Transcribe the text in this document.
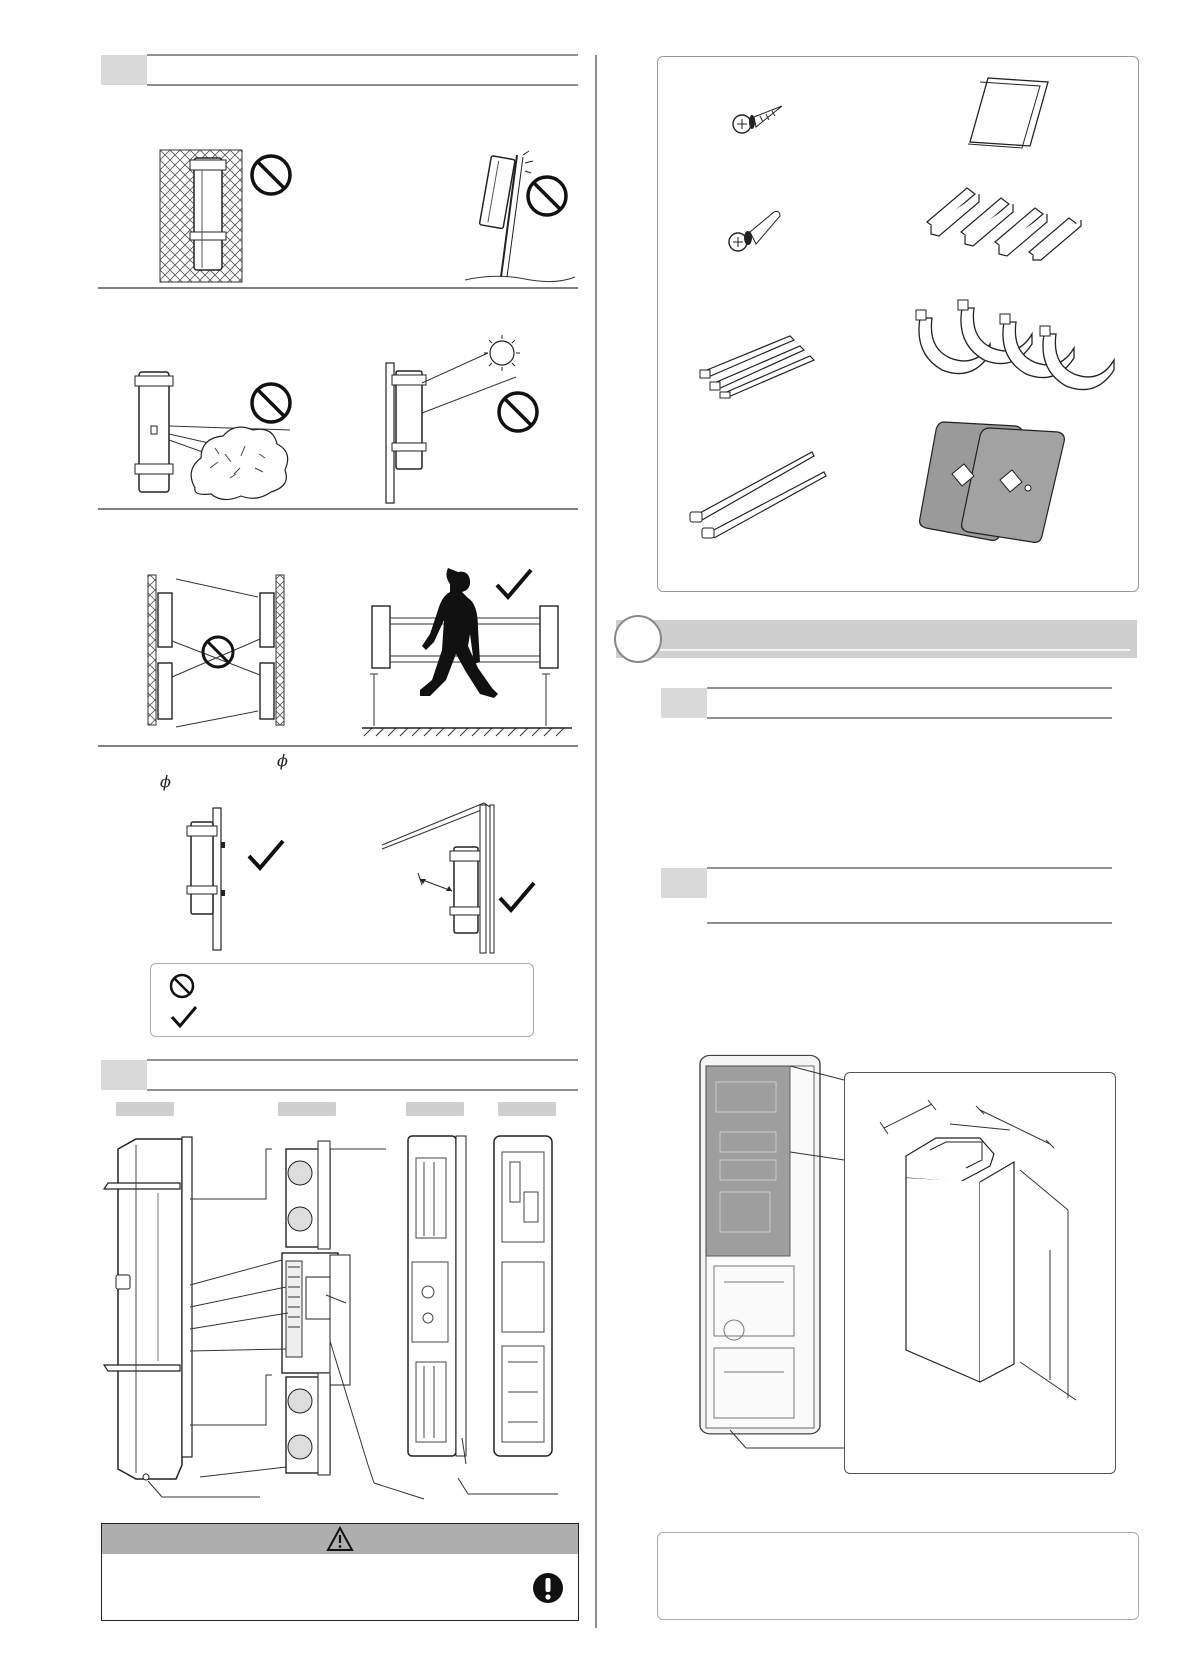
ϕ
ϕ
